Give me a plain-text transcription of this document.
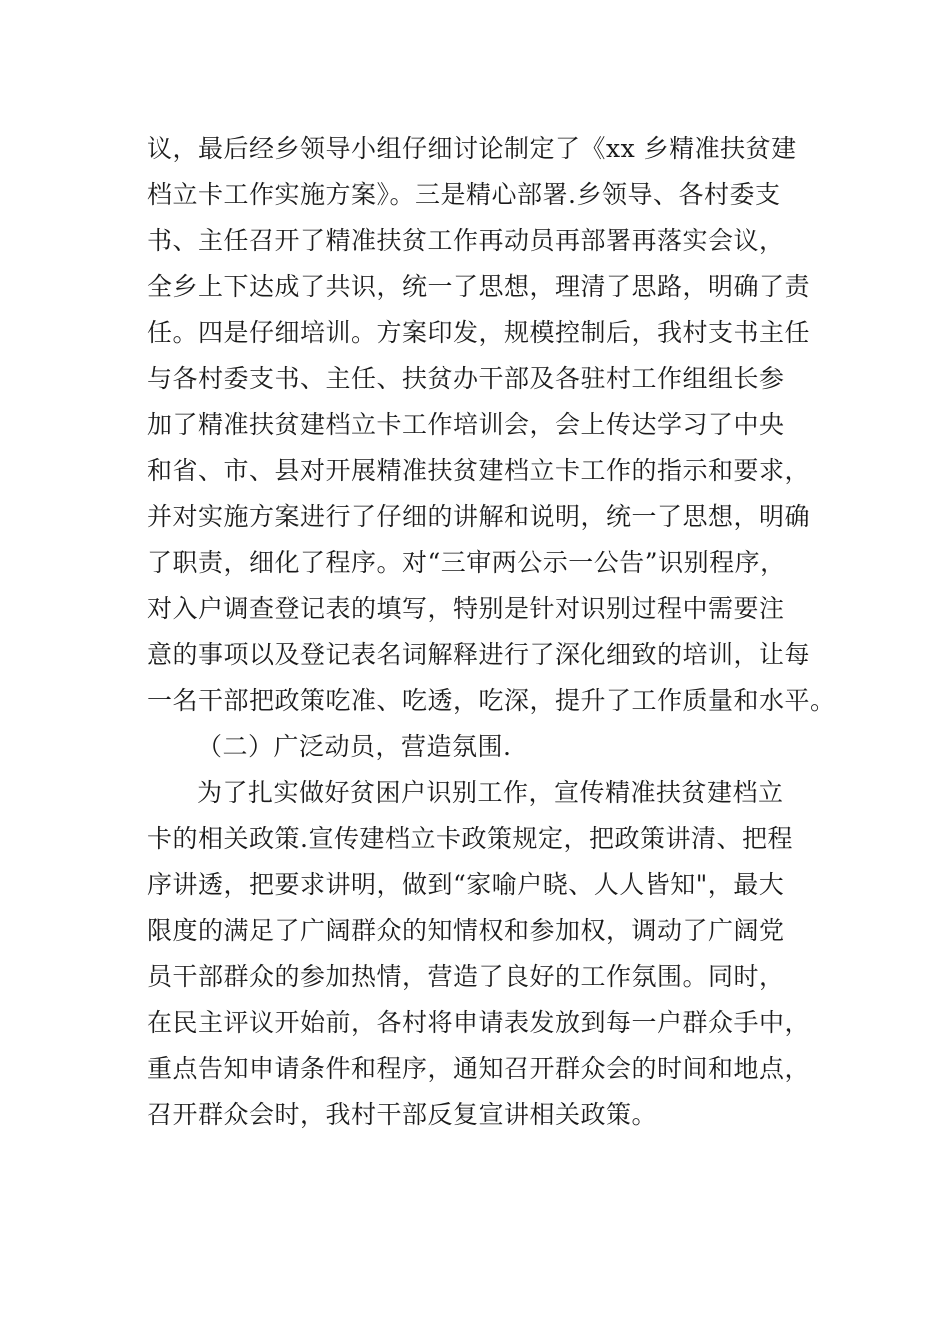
议，最后经乡领导小组仔细讨论制定了《xx 乡精准扶贫建
档立卡工作实施方案》。三是精心部署.乡领导、各村委支
书、主任召开了精准扶贫工作再动员再部署再落实会议，
全乡上下达成了共识，统一了思想，理清了思路，明确了责
任。四是仔细培训。方案印发，规模控制后，我村支书主任
与各村委支书、主任、扶贫办干部及各驻村工作组组长参
加了精准扶贫建档立卡工作培训会，会上传达学习了中央
和省、市、县对开展精准扶贫建档立卡工作的指示和要求，
并对实施方案进行了仔细的讲解和说明，统一了思想，明确
了职责，细化了程序。对“三审两公示一公告”识别程序，
对入户调查登记表的填写，特别是针对识别过程中需要注
意的事项以及登记表名词解释进行了深化细致的培训，让每
一名干部把政策吃准、吃透，吃深，提升了工作质量和水平。
（二）广泛动员，营造氛围.
为了扎实做好贫困户识别工作，宣传精准扶贫建档立
卡的相关政策.宣传建档立卡政策规定，把政策讲清、把程
序讲透，把要求讲明，做到“家喻户晓、人人皆知"，最大
限度的满足了广阔群众的知情权和参加权，调动了广阔党
员干部群众的参加热情，营造了良好的工作氛围。同时，
在民主评议开始前，各村将申请表发放到每一户群众手中，
重点告知申请条件和程序，通知召开群众会的时间和地点，
召开群众会时，我村干部反复宣讲相关政策。
